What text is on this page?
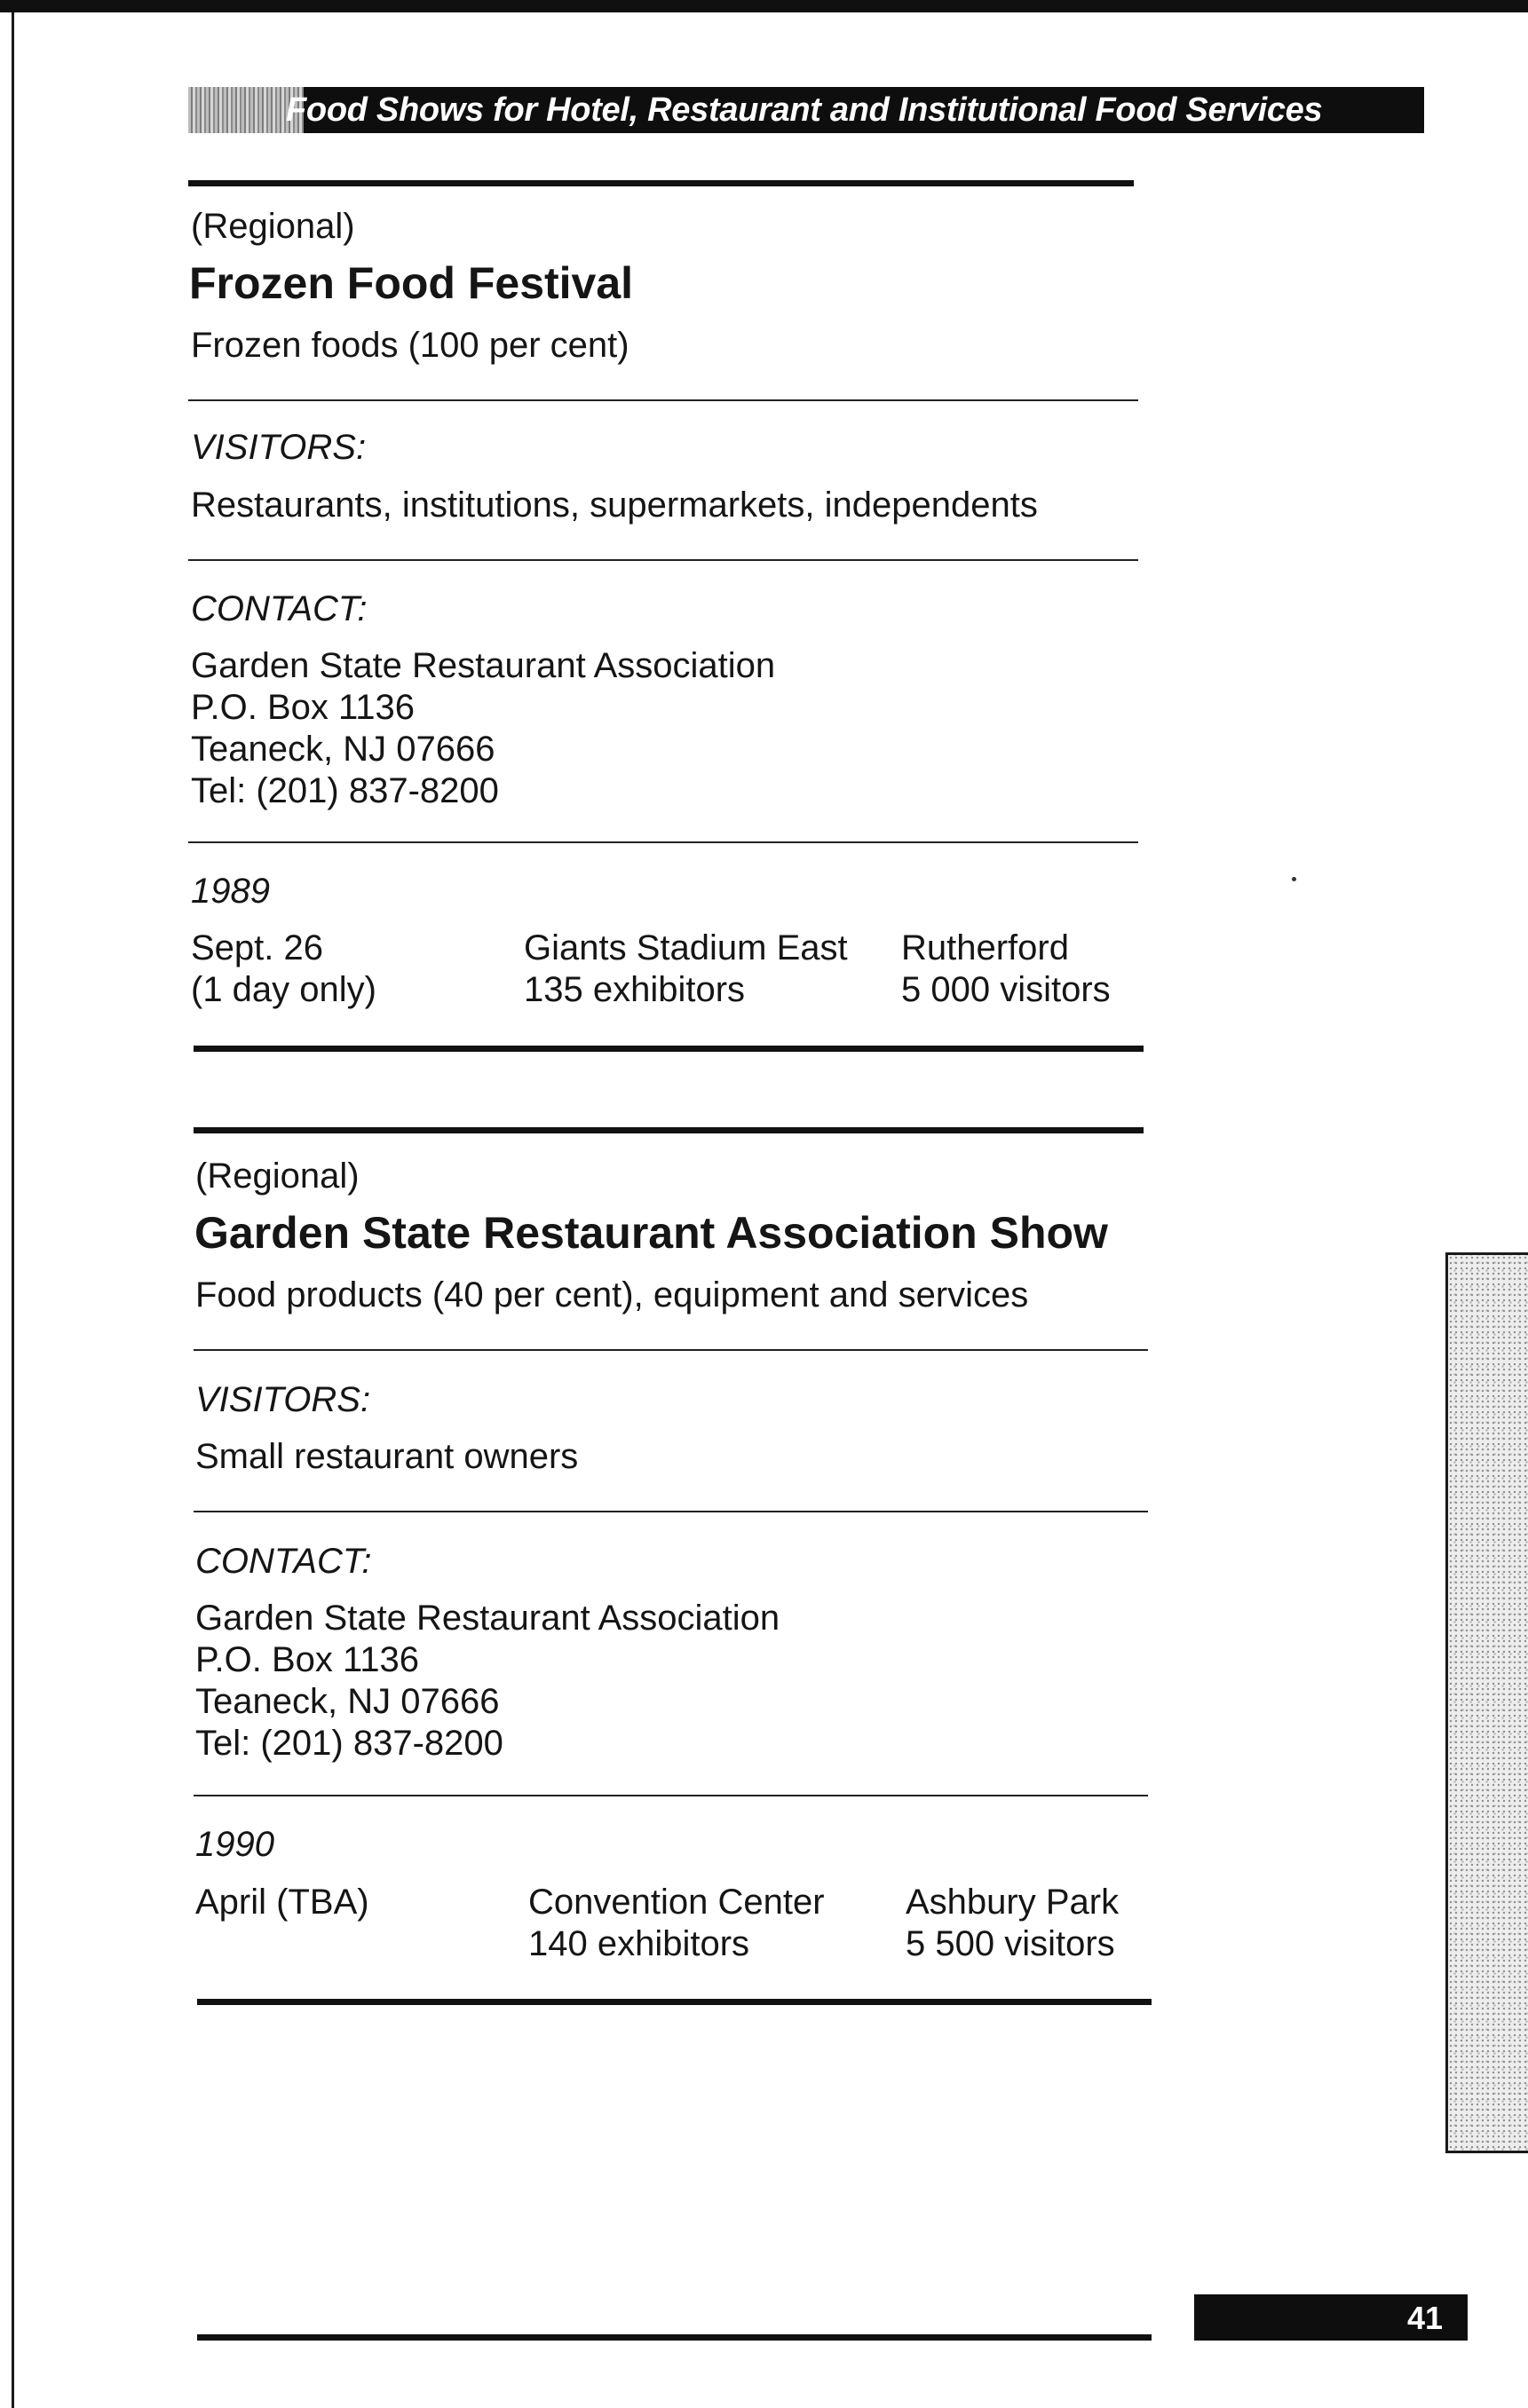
Food Shows for Hotel, Restaurant and Institutional Food Services
(Regional)
Frozen Food Festival
Frozen foods (100 per cent)
VISITORS:
Restaurants, institutions, supermarkets, independents
CONTACT:
Garden State Restaurant Association
P.O. Box 1136
Teaneck, NJ 07666
Tel: (201) 837-8200
1989
Sept. 26
(1 day only)
Giants Stadium East
135 exhibitors
Rutherford
5 000 visitors
(Regional)
Garden State Restaurant Association Show
Food products (40 per cent), equipment and services
VISITORS:
Small restaurant owners
CONTACT:
Garden State Restaurant Association
P.O. Box 1136
Teaneck, NJ 07666
Tel: (201) 837-8200
1990
April (TBA)	Convention Center
140 exhibitors
Ashbury Park
5 500 visitors
41
